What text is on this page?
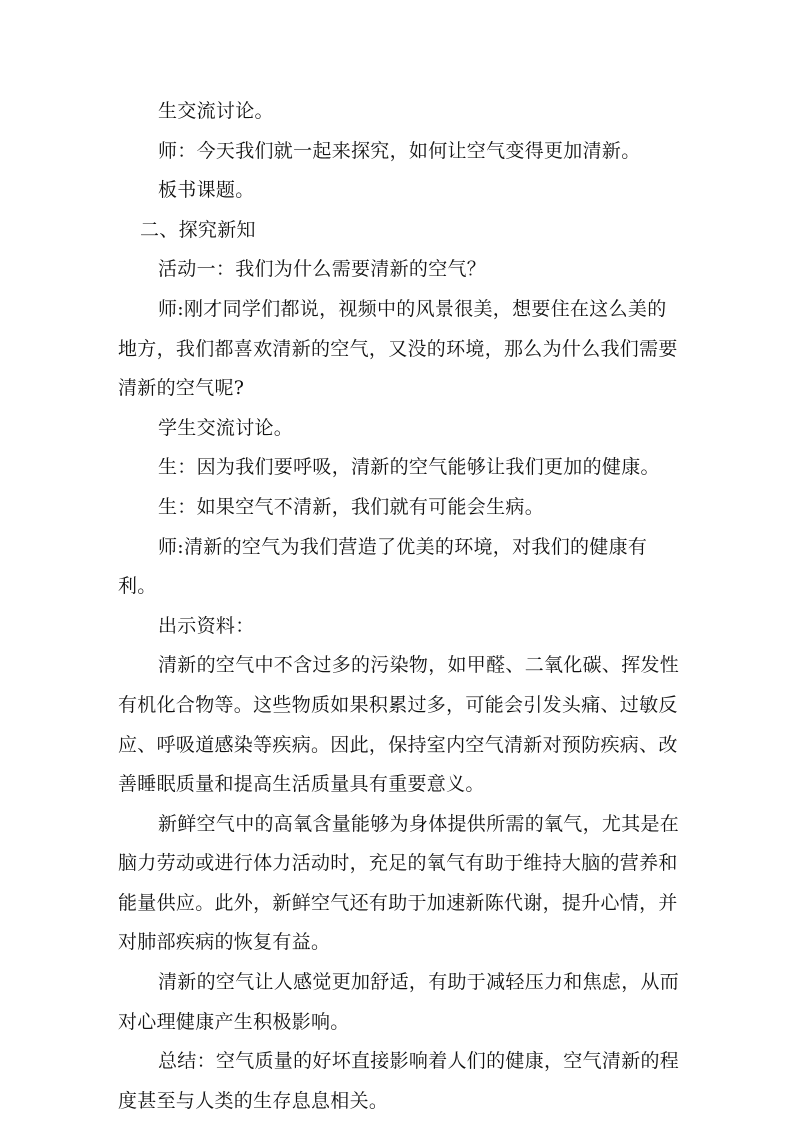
生交流讨论。

师：今天我们就一起来探究，如何让空气变得更加清新。

板书课题。

二、探究新知

活动一：我们为什么需要清新的空气？

师:刚才同学们都说，视频中的风景很美，想要住在这么美的地方，我们都喜欢清新的空气，又没的环境，那么为什么我们需要清新的空气呢?

学生交流讨论。

生：因为我们要呼吸，清新的空气能够让我们更加的健康。

生：如果空气不清新，我们就有可能会生病。

师:清新的空气为我们营造了优美的环境，对我们的健康有利。

出示资料：

清新的空气中不含过多的污染物，如甲醛、二氧化碳、挥发性有机化合物等。这些物质如果积累过多，可能会引发头痛、过敏反应、呼吸道感染等疾病。因此，保持室内空气清新对预防疾病、改善睡眠质量和提高生活质量具有重要意义。

新鲜空气中的高氧含量能够为身体提供所需的氧气，尤其是在脑力劳动或进行体力活动时，充足的氧气有助于维持大脑的营养和能量供应。此外，新鲜空气还有助于加速新陈代谢，提升心情，并对肺部疾病的恢复有益。

清新的空气让人感觉更加舒适，有助于减轻压力和焦虑，从而对心理健康产生积极影响。

总结：空气质量的好坏直接影响着人们的健康，空气清新的程度甚至与人类的生存息息相关。
